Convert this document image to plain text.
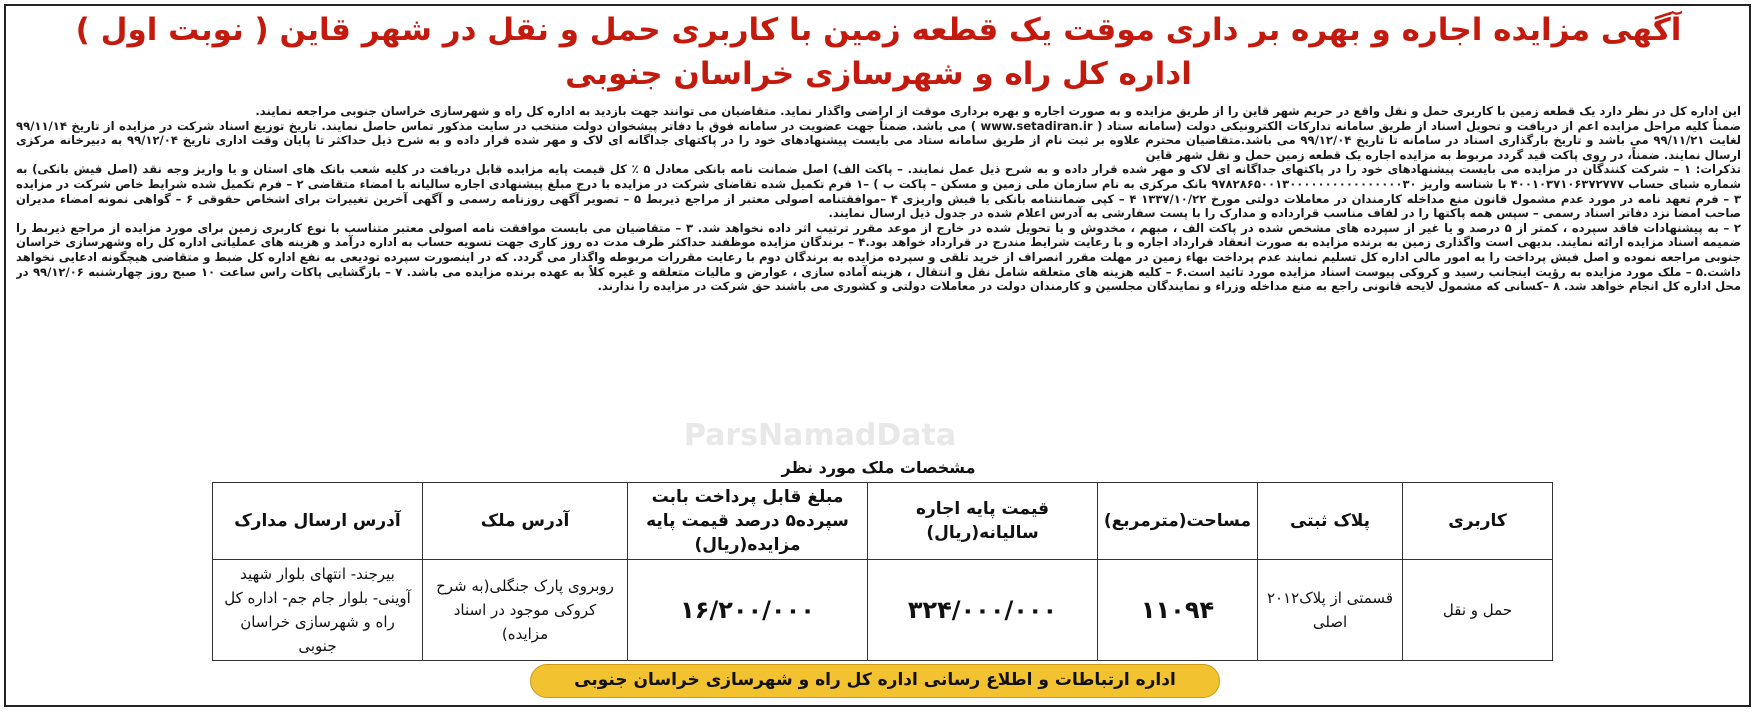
آگهی مزایده اجاره و بهره بر داری موقت یک قطعه زمین با کاربری حمل و نقل در شهر قاین ( نوبت اول )
اداره کل راه و شهرسازی خراسان جنوبی

این اداره کل در نظر دارد یک قطعه زمین با کاربری حمل و نقل واقع در حریم شهر قاین را از طریق مزایده و به صورت اجاره و بهره برداری موقت از اراضی واگذار نماید. متقاضیان می توانند جهت بازدید به اداره کل راه و شهرسازی خراسان جنوبی مراجعه نمایند.

ضمناً کلیه مراحل مزایده اعم از دریافت و تحویل اسناد از طریق سامانه تدارکات الکترونیکی دولت (سامانه ستاد ( www.setadiran.ir ) می باشد. ضمناً جهت عضویت در سامانه فوق با دفاتر پیشخوان دولت منتخب در سایت مذکور تماس حاصل نمایند. تاریخ توزیع اسناد شرکت در مزایده از تاریخ ۹۹/۱۱/۱۴ لغایت ۹۹/۱۱/۲۱ می باشد و تاریخ بارگذاری اسناد در سامانه تا تاریخ ۹۹/۱۲/۰۴ می باشد.متقاضیان محترم علاوه بر ثبت نام از طریق سامانه ستاد می بایست پیشنهادهای خود را در پاکتهای جداگانه ای لاک و مهر شده قرار داده و به شرح ذیل حداکثر تا پایان وقت اداری تاریخ ۹۹/۱۲/۰۴ به دبیرخانه مرکزی ارسال نمایند. ضمناً، در روی پاکت قید گردد مربوط به مزایده اجاره یک قطعه زمین حمل و نقل شهر قاین

تذکرات: ۱ – شرکت کنندگان در مزایده می بایست پیشنهادهای خود را در پاکتهای جداگانه ای لاک و مهر شده قرار داده و به شرح ذیل عمل نمایند. – پاکت الف) اصل ضمانت نامه بانکی معادل ۵ ٪ کل قیمت پایه مزایده قابل دریافت در کلیه شعب بانک های استان و یا واریز وجه نقد (اصل فیش بانکی) به شماره شبای حساب ۴۰۰۱۰۳۷۱۰۶۳۷۲۷۷۷ با شناسه واریز ۹۷۸۲۸۶۵۰۰۱۳۰۰۰۰۰۰۰۰۰۰۰۰۰۰۰۰۳۰ بانک مرکزی به نام سازمان ملی زمین و مسکن – پاکت ب ) –۱ فرم تکمیل شده تقاضای شرکت در مزایده با درج مبلغ پیشنهادی اجاره سالیانه با امضاء متقاضی ۲ – فرم تکمیل شده شرایط خاص شرکت در مزایده ۳ – فرم تعهد نامه در مورد عدم مشمول قانون منع مداخله کارمندان در معاملات دولتی مورخ ۱۳۳۷/۱۰/۲۲ ۴ – کپی ضمانتنامه بانکی یا فیش واریزی ۴ –موافقتنامه اصولی معتبر از مراجع ذیربط ۵ – تصویر آگهی روزنامه رسمی و آگهی آخرین تغییرات برای اشخاص حقوقی ۶ – گواهی نمونه امضاء مدیران صاحب امضا نزد دفاتر اسناد رسمی – سپس همه پاکتها را در لفاف مناسب قرارداده و مدارک را با پست سفارشی به آدرس اعلام شده در جدول ذیل ارسال نمایند.

۲ – به پیشنهادات فاقد سپرده ، کمتر از ۵ درصد و یا غیر از سپرده های مشخص شده در پاکت الف ، مبهم ، مخدوش و یا تحویل شده در خارج از موعد مقرر ترتیب اثر داده نخواهد شد. ۳ – متقاضیان می بایست موافقت نامه اصولی معتبر متناسب با نوع کاربری زمین برای مورد مزایده از مراجع ذیربط را ضمیمه اسناد مزایده ارائه نمایند. بدیهی است واگذاری زمین به برنده مزایده به صورت انعقاد قرارداد اجاره و با رعایت شرایط مندرج در قرارداد خواهد بود.۴ – برندگان مزایده موظفند حداکثر ظرف مدت ده روز کاری جهت تسویه حساب به اداره درآمد و هزینه های عملیاتی اداره کل راه وشهرسازی خراسان جنوبی مراجعه نموده و اصل فیش پرداخت را به امور مالی اداره کل تسلیم نمایند عدم پرداخت بهاء زمین در مهلت مقرر انصراف از خرید تلقی و سپرده مزایده به برندگان دوم با رعایت مقررات مربوطه واگذار می گردد. که در اینصورت سپرده تودیعی به نفع اداره کل ضبط و متقاضی هیچگونه ادعایی نخواهد داشت.۵ – ملک مورد مزایده به رؤیت اینجانب رسید و کروکی پیوست اسناد مزایده مورد تائید است.۶ – کلیه هزینه های متعلقه شامل نقل و انتقال ، هزینه آماده سازی ، عوارض و مالیات متعلقه و غیره کلاً به عهده برنده مزایده می باشد. ۷ – بازگشایی پاکات راس ساعت ۱۰ صبح روز چهارشنبه ۹۹/۱۲/۰۶ در محل اداره کل انجام خواهد شد. ۸ –کسانی که مشمول لایحه قانونی راجع به منع مداخله وزراء و نمایندگان مجلسین و کارمندان دولت در معاملات دولتی و کشوری می باشند حق شرکت در مزایده را ندارند.

ParsNamadData
مشخصات ملک مورد نظر
کاربری	پلاک ثبتی	مساحت(مترمربع)	قیمت پایه اجاره سالیانه(ریال)	مبلغ قابل پرداخت بابت سپرده۵ درصد قیمت پایه مزایده(ریال)	آدرس ملک	آدرس ارسال مدارک
حمل و نقل	قسمتی از پلاک۲۰۱۲ اصلی	۱۱۰۹۴	۳۲۴/۰۰۰/۰۰۰	۱۶/۲۰۰/۰۰۰	روبروی پارک جنگلی(به شرح کروکی موجود در اسناد مزایده)	بیرجند- انتهای بلوار شهید آوینی- بلوار جام جم- اداره کل راه و شهرسازی خراسان جنوبی
اداره ارتباطات و اطلاع رسانی اداره کل راه و شهرسازی خراسان جنوبی
